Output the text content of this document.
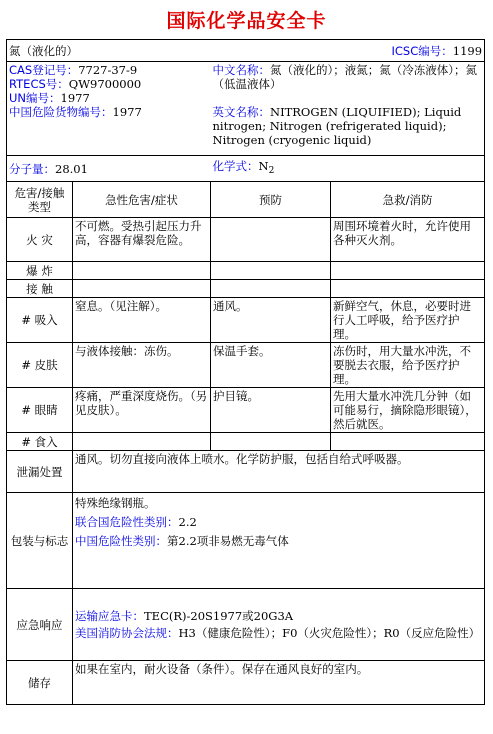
国际化学品安全卡
氮（液化的） ICSC编号：1199			

CAS登记号：7727-37-9
RTECS号：QW9700000
UN编号：1977
中国危险货物编号：1977		中文名称：氮（液化的）；液氮；氮（冷冻液体）；氮（低温液体）
英文名称：NITROGEN (LIQUIFIED); Liquid nitrogen; Nitrogen (refrigerated liquid); Nitrogen (cryogenic liquid)	

分子量：28.01		化学式：$N_2$
危害/接触类型	急性危害/症状	预防	急救/消防
火 灾	不可燃。受热引起压力升高，容器有爆裂危险。		周围环境着火时，允许使用各种灭火剂。
爆 炸			
接 触			
# 吸入	窒息。（见注解）。	通风。	新鲜空气，休息，必要时进行人工呼吸，给予医疗护理。
# 皮肤	与液体接触：冻伤。	保温手套。	冻伤时，用大量水冲洗，不要脱去衣服，给予医疗护理。
# 眼睛	疼痛，严重深度烧伤。（另见皮肤）。	护目镜。	先用大量水冲洗几分钟（如可能易行，摘除隐形眼镜），然后就医。
# 食入			
泄漏处置	通风。切勿直接向液体上喷水。化学防护服，包括自给式呼吸器。		
包装与标志	特殊绝缘钢瓶。
联合国危险性类别：2.2
中国危险性类别：第2.2项非易燃无毒气体		

应急响应	运输应急卡：TEC(R)-20S1977或20G3A
美国消防协会法规：H3（健康危险性）；F0（火灾危险性）；R0（反应危险性）		

储存	如果在室内，耐火设备（条件）。保存在通风良好的室内。		
